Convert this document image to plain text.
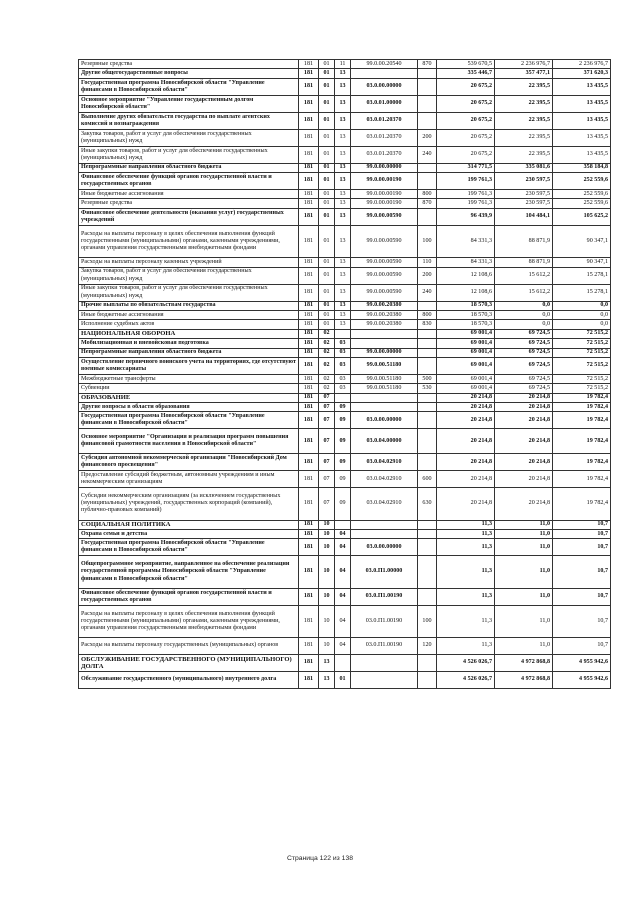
Резервные средства	181	01	11	99.0.00.20540	870	539 670,5	2 236 976,7	2 236 976,7
Другие общегосударственные вопросы	181	01	13			335 446,7	357 477,1	371 620,3
Государственная программа Новосибирской области "Управление финансами в Новосибирской области"	181	01	13	03.0.00.00000		20 675,2	22 395,5	13 435,5
Основное мероприятие "Управление государственным долгом Новосибирской области"	181	01	13	03.0.01.00000		20 675,2	22 395,5	13 435,5
Выполнение других обязательств государства по выплате агентских комиссий и вознаграждения	181	01	13	03.0.01.20370		20 675,2	22 395,5	13 435,5
Закупка товаров, работ и услуг для обеспечения государственных (муниципальных) нужд	181	01	13	03.0.01.20370	200	20 675,2	22 395,5	13 435,5
Иные закупки товаров, работ и услуг для обеспечения государственных (муниципальных) нужд	181	01	13	03.0.01.20370	240	20 675,2	22 395,5	13 435,5
Непрограммные направления областного бюджета	181	01	13	99.0.00.00000		314 771,5	335 081,6	358 184,8
Финансовое обеспечение функций органов государственной власти и государственных органов	181	01	13	99.0.00.00190		199 761,3	230 597,5	252 559,6
Иные бюджетные ассигнования	181	01	13	99.0.00.00190	800	199 761,3	230 597,5	252 559,6
Резервные средства	181	01	13	99.0.00.00190	870	199 761,3	230 597,5	252 559,6
Финансовое обеспечение деятельности (оказания услуг) государственных учреждений	181	01	13	99.0.00.00590		96 439,9	104 484,1	105 625,2
Расходы на выплаты персоналу в целях обеспечения выполнения функций государственными (муниципальными) органами, казенными учреждениями, органами управления государственными внебюджетными фондами	181	01	13	99.0.00.00590	100	84 331,3	88 871,9	90 347,1
Расходы на выплаты персоналу казенных учреждений	181	01	13	99.0.00.00590	110	84 331,3	88 871,9	90 347,1
Закупка товаров, работ и услуг для обеспечения государственных (муниципальных) нужд	181	01	13	99.0.00.00590	200	12 108,6	15 612,2	15 278,1
Иные закупки товаров, работ и услуг для обеспечения государственных (муниципальных) нужд	181	01	13	99.0.00.00590	240	12 108,6	15 612,2	15 278,1
Прочие выплаты по обязательствам государства	181	01	13	99.0.00.20380		18 570,3	0,0	0,0
Иные бюджетные ассигнования	181	01	13	99.0.00.20380	800	18 570,3	0,0	0,0
Исполнение судебных актов	181	01	13	99.0.00.20380	830	18 570,3	0,0	0,0
НАЦИОНАЛЬНАЯ ОБОРОНА	181	02				69 001,4	69 724,5	72 515,2
Мобилизационная и вневойсковая подготовка	181	02	03			69 001,4	69 724,5	72 515,2
Непрограммные направления областного бюджета	181	02	03	99.0.00.00000		69 001,4	69 724,5	72 515,2
Осуществление первичного воинского учета на территориях, где отсутствуют военные комиссариаты	181	02	03	99.0.00.51180		69 001,4	69 724,5	72 515,2
Межбюджетные трансферты	181	02	03	99.0.00.51180	500	69 001,4	69 724,5	72 515,2
Субвенции	181	02	03	99.0.00.51180	530	69 001,4	69 724,5	72 515,2
ОБРАЗОВАНИЕ	181	07				20 214,8	20 214,8	19 782,4
Другие вопросы в области образования	181	07	09			20 214,8	20 214,8	19 782,4
Государственная программа Новосибирской области "Управление финансами в Новосибирской области"	181	07	09	03.0.00.00000		20 214,8	20 214,8	19 782,4
Основное мероприятие "Организация и реализация программ повышения финансовой грамотности населения в Новосибирской области"	181	07	09	03.0.04.00000		20 214,8	20 214,8	19 782,4
Субсидия автономной некоммерческой организации "Новосибирский Дом финансового просвещения"	181	07	09	03.0.04.02910		20 214,8	20 214,8	19 782,4
Предоставление субсидий бюджетным, автономным учреждениям и иным некоммерческим организациям	181	07	09	03.0.04.02910	600	20 214,8	20 214,8	19 782,4
Субсидии некоммерческим организациям (за исключением государственных (муниципальных) учреждений, государственных корпораций (компаний), публично-правовых компаний)	181	07	09	03.0.04.02910	630	20 214,8	20 214,8	19 782,4
СОЦИАЛЬНАЯ ПОЛИТИКА	181	10				11,3	11,0	10,7
Охрана семьи и детства	181	10	04			11,3	11,0	10,7
Государственная программа Новосибирской области "Управление финансами в Новосибирской области"	181	10	04	03.0.00.00000		11,3	11,0	10,7
Общепрограммное мероприятие, направленное на обеспечение реализации государственной программы Новосибирской области "Управление финансами в Новосибирской области"	181	10	04	03.0.П1.00000		11,3	11,0	10,7
Финансовое обеспечение функций органов государственной власти и государственных органов	181	10	04	03.0.П1.00190		11,3	11,0	10,7
Расходы на выплаты персоналу в целях обеспечения выполнения функций государственными (муниципальными) органами, казенными учреждениями, органами управления государственными внебюджетными фондами	181	10	04	03.0.П1.00190	100	11,3	11,0	10,7
Расходы на выплаты персоналу государственных (муниципальных) органов	181	10	04	03.0.П1.00190	120	11,3	11,0	10,7
ОБСЛУЖИВАНИЕ ГОСУДАРСТВЕННОГО (МУНИЦИПАЛЬНОГО) ДОЛГА	181	13				4 526 026,7	4 972 868,8	4 955 942,6
Обслуживание государственного (муниципального) внутреннего долга	181	13	01			4 526 026,7	4 972 868,8	4 955 942,6
Страница 122 из 138
